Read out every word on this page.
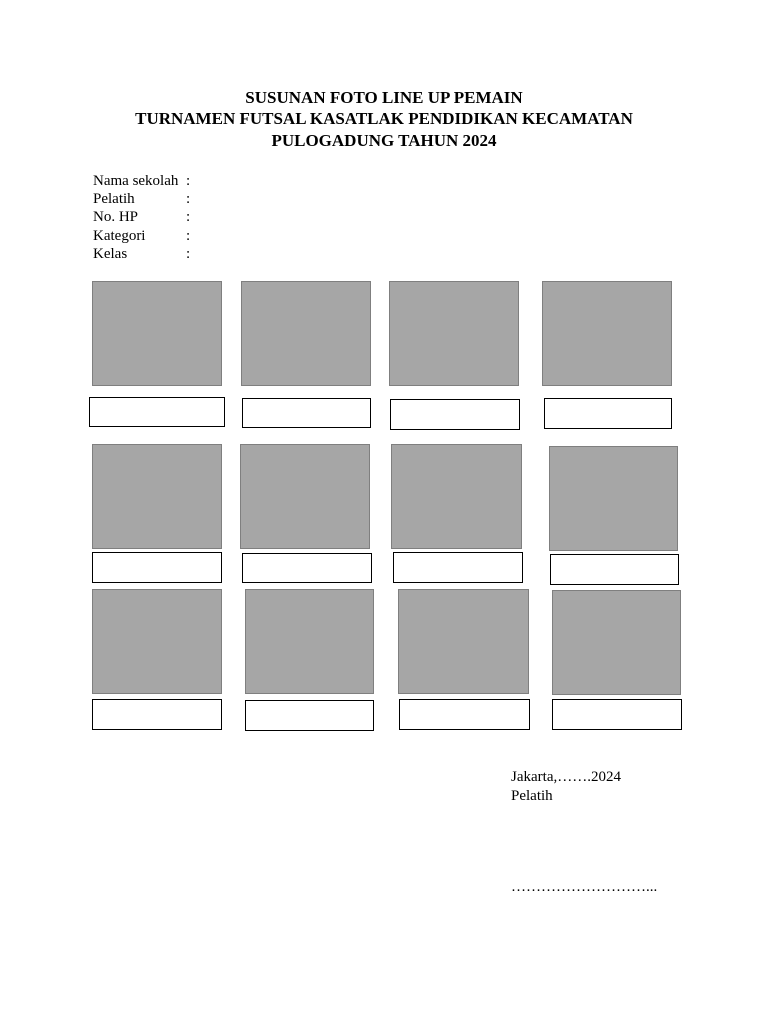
SUSUNAN FOTO LINE UP PEMAIN
TURNAMEN FUTSAL KASATLAK PENDIDIKAN KECAMATAN
PULOGADUNG TAHUN 2024
Nama sekolah :
Pelatih	:
No. HP	:
Kategori	:
Kelas	:
Jakarta,…….2024
Pelatih
………………………...
